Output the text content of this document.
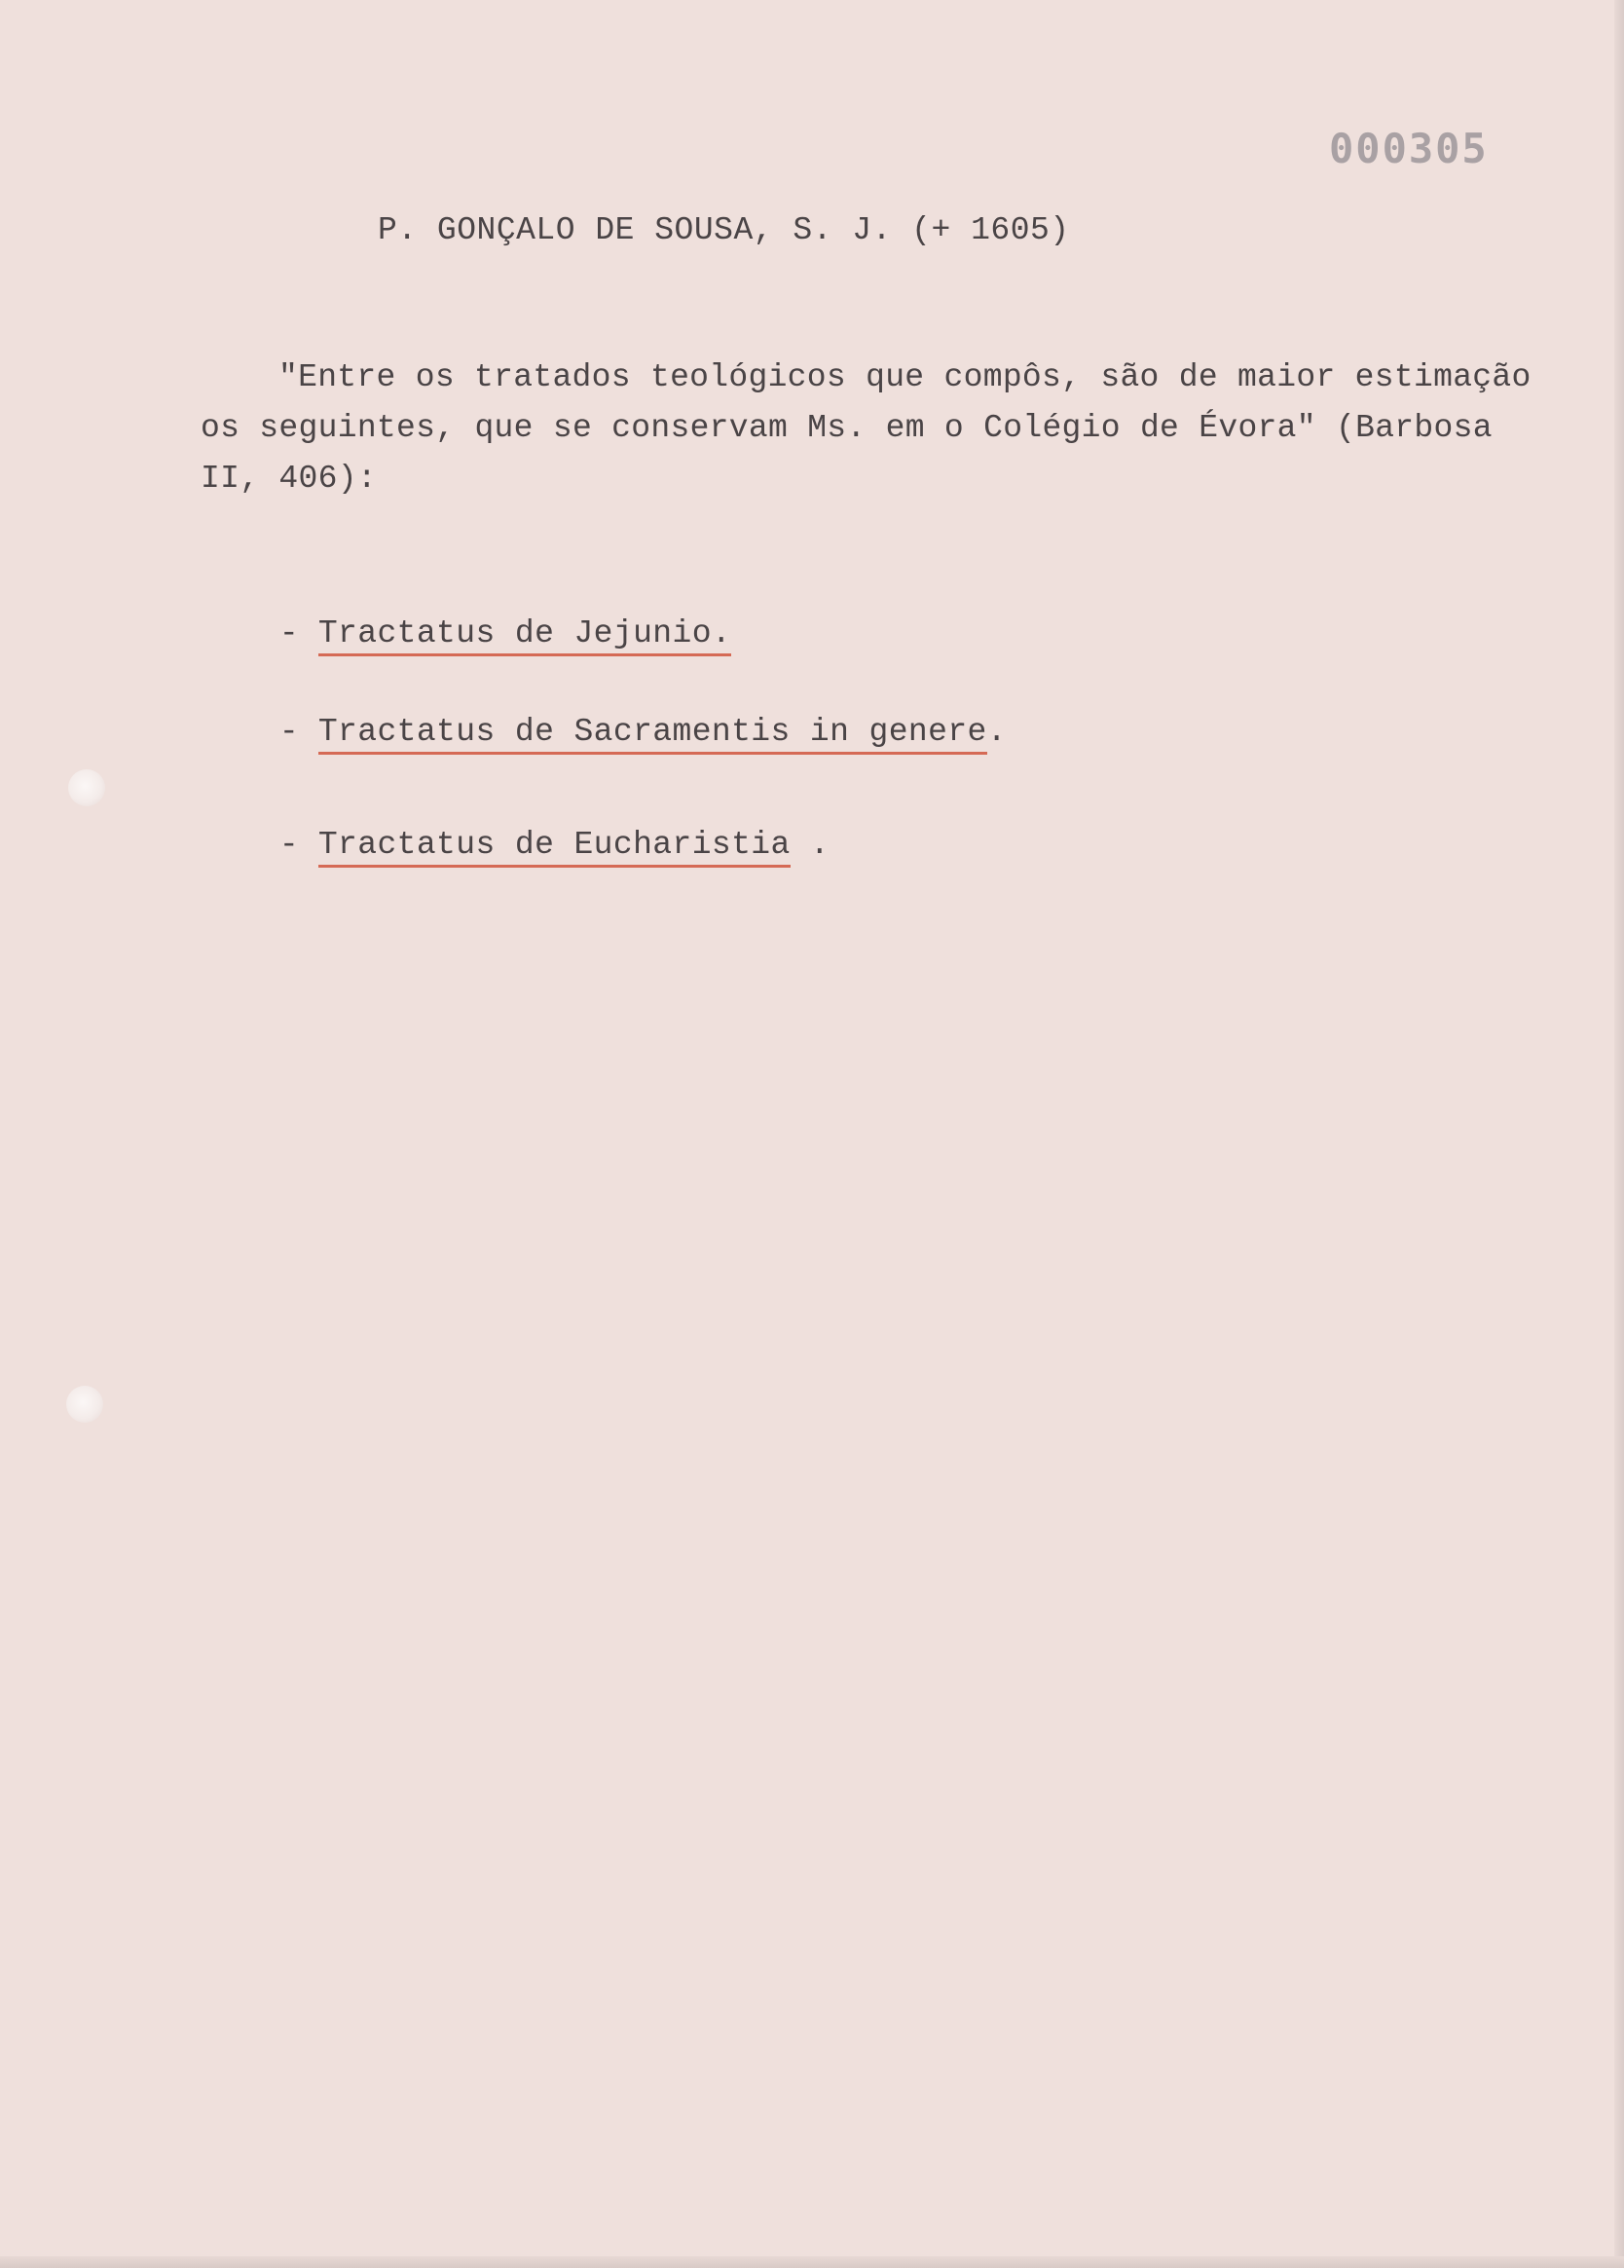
000305
P. GONÇALO DE SOUSA, S. J. (+ 1605)
"Entre os tratados teológicos que compôs, são de maior estimação
os seguintes, que se conservam Ms. em o Colégio de Évora" (Barbosa
II, 406):

- Tractatus de Jejunio.

- Tractatus de Sacramentis in genere.

- Tractatus de Eucharistia .
